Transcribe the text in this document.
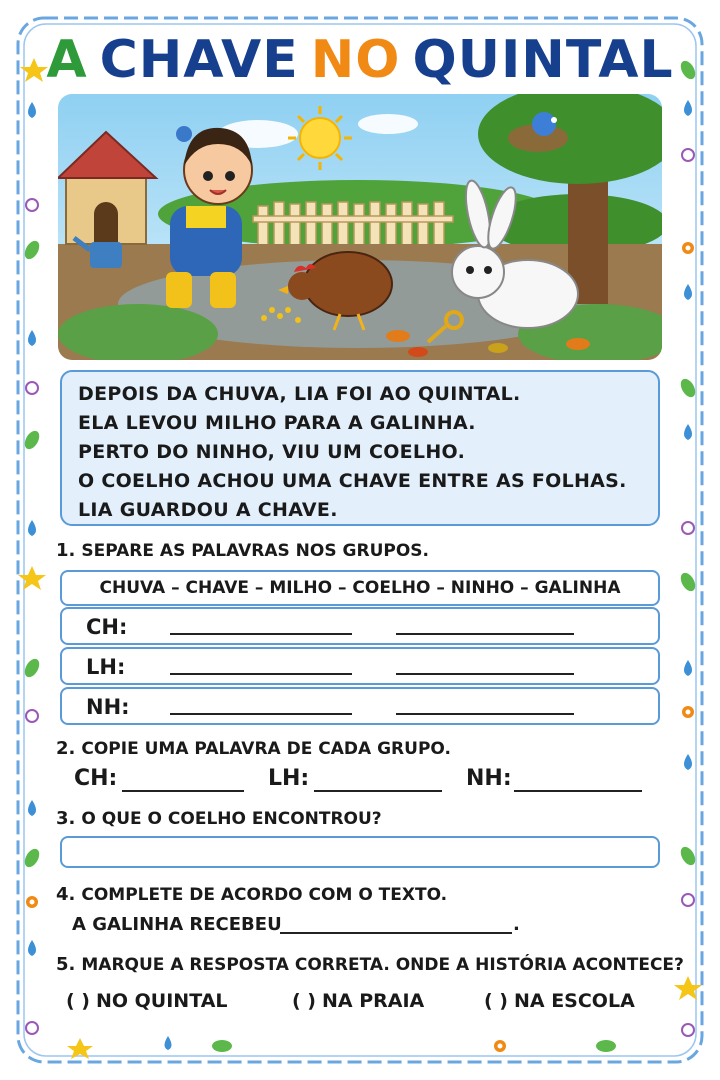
A CHAVE NO QUINTAL
DEPOIS DA CHUVA, LIA FOI AO QUINTAL.
ELA LEVOU MILHO PARA A GALINHA.
PERTO DO NINHO, VIU UM COELHO.
O COELHO ACHOU UMA CHAVE ENTRE AS FOLHAS.
LIA GUARDOU A CHAVE.
1. SEPARE AS PALAVRAS NOS GRUPOS.
CHUVA – CHAVE – MILHO – COELHO – NINHO – GALINHA
CH:
LH:
NH:
2. COPIE UMA PALAVRA DE CADA GRUPO.
CH:	LH:	NH:
3. O QUE O COELHO ENCONTROU?
4. COMPLETE DE ACORDO COM O TEXTO.
A GALINHA RECEBEU	.
5. MARQUE A RESPOSTA CORRETA. ONDE A HISTÓRIA ACONTECE?
( ) NO QUINTAL	( ) NA PRAIA	( ) NA ESCOLA
